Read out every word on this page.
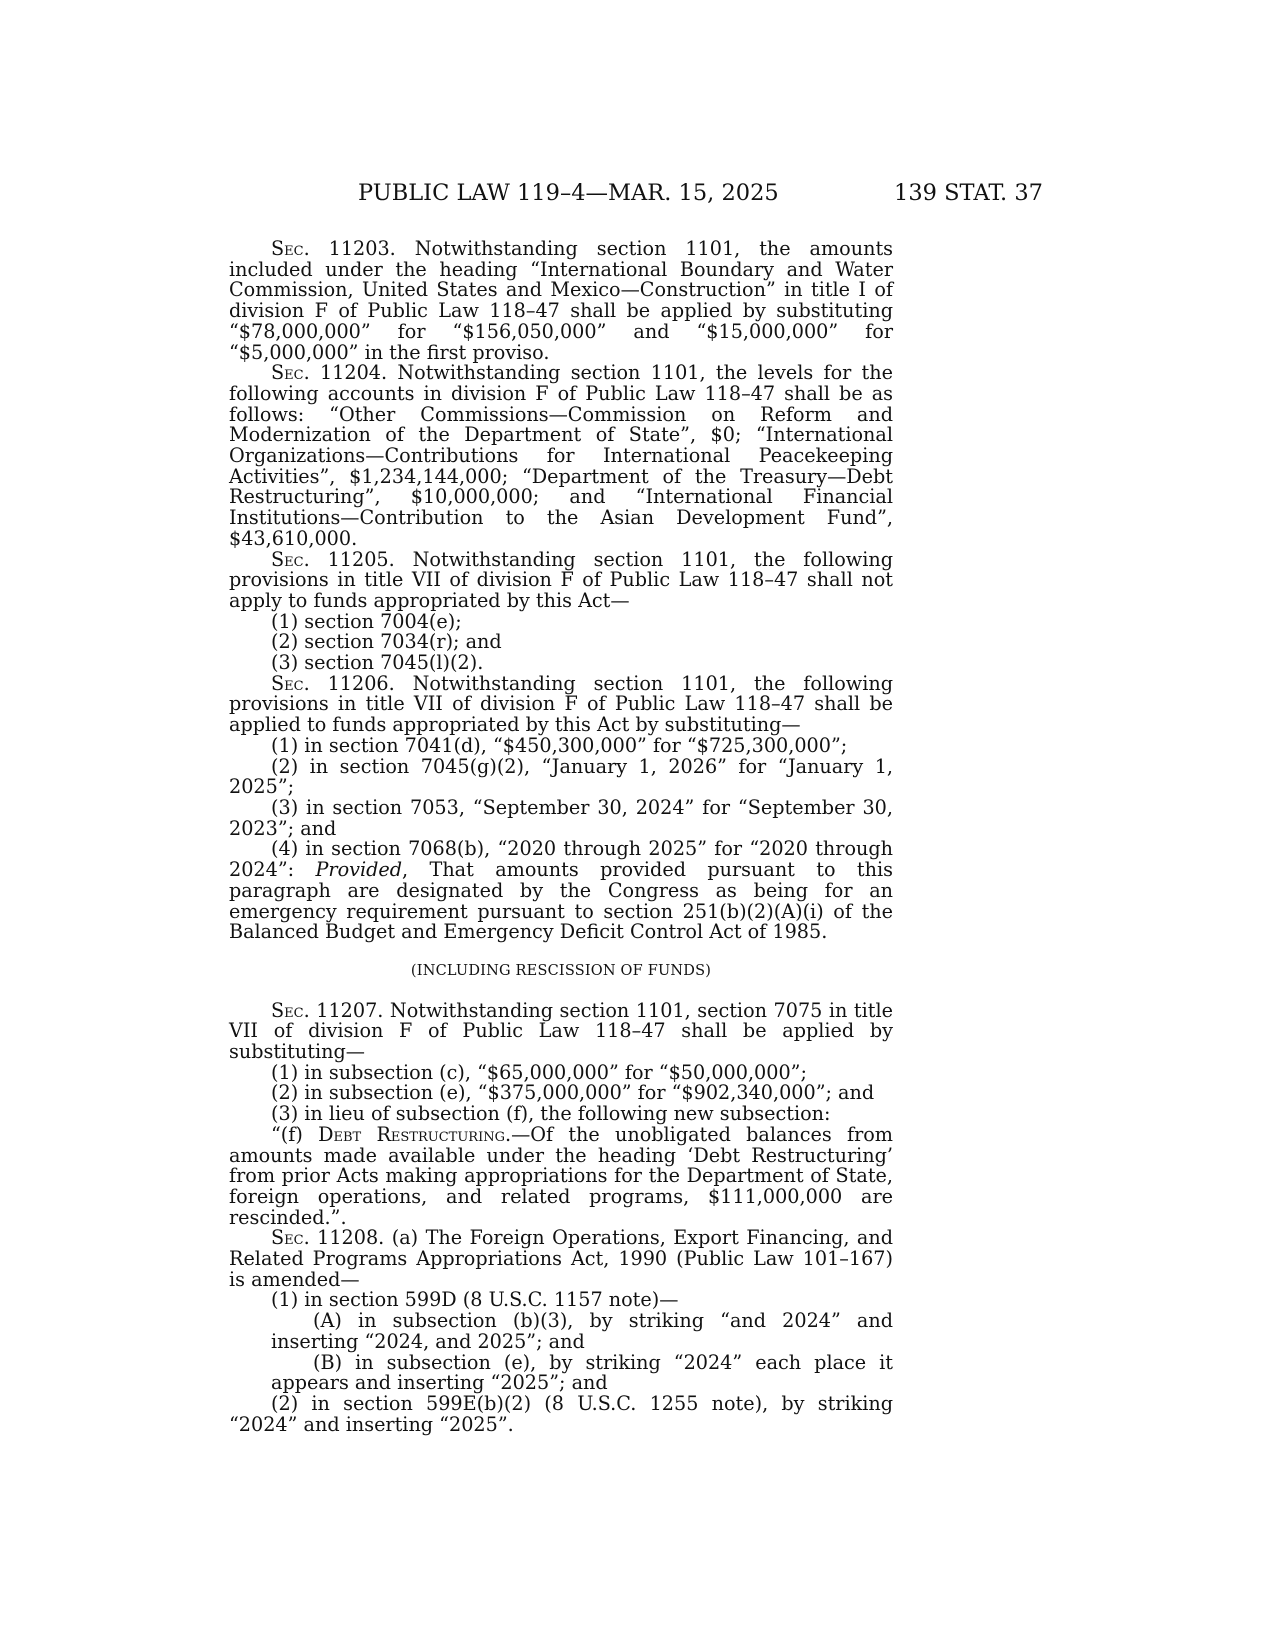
PUBLIC LAW 119–4—MAR. 15, 2025	139 STAT. 37

Sec. 11203. Notwithstanding section 1101, the amounts included under the heading “International Boundary and Water Commission, United States and Mexico—Construction” in title I of division F of Public Law 118–47 shall be applied by substituting “$78,000,000” for “$156,050,000” and “$15,000,000” for “$5,000,000” in the first proviso.

Sec. 11204. Notwithstanding section 1101, the levels for the following accounts in division F of Public Law 118–47 shall be as follows: “Other Commissions—Commission on Reform and Modernization of the Department of State”, $0; “International Organizations—Contributions for International Peacekeeping Activities”, $1,234,144,000; “Department of the Treasury—Debt Restructuring”, $10,000,000; and “International Financial Institutions—Contribution to the Asian Development Fund”, $43,610,000.

Sec. 11205. Notwithstanding section 1101, the following provisions in title VII of division F of Public Law 118–47 shall not apply to funds appropriated by this Act—

(1) section 7004(e);

(2) section 7034(r); and

(3) section 7045(l)(2).

Sec. 11206. Notwithstanding section 1101, the following provisions in title VII of division F of Public Law 118–47 shall be applied to funds appropriated by this Act by substituting—

(1) in section 7041(d), “$450,300,000” for “$725,300,000”;

(2) in section 7045(g)(2), “January 1, 2026” for “January 1, 2025”;

(3) in section 7053, “September 30, 2024” for “September 30, 2023”; and

(4) in section 7068(b), “2020 through 2025” for “2020 through 2024”: Provided, That amounts provided pursuant to this paragraph are designated by the Congress as being for an emergency requirement pursuant to section 251(b)(2)(A)(i) of the Balanced Budget and Emergency Deficit Control Act of 1985.

(INCLUDING RESCISSION OF FUNDS)

Sec. 11207. Notwithstanding section 1101, section 7075 in title VII of division F of Public Law 118–47 shall be applied by substituting—

(1) in subsection (c), “$65,000,000” for “$50,000,000”;

(2) in subsection (e), “$375,000,000” for “$902,340,000”; and

(3) in lieu of subsection (f), the following new subsection:

“(f) Debt Restructuring.—Of the unobligated balances from amounts made available under the heading ‘Debt Restructuring’ from prior Acts making appropriations for the Department of State, foreign operations, and related programs, $111,000,000 are rescinded.”.

Sec. 11208. (a) The Foreign Operations, Export Financing, and Related Programs Appropriations Act, 1990 (Public Law 101–167) is amended—

(1) in section 599D (8 U.S.C. 1157 note)—

(A) in subsection (b)(3), by striking “and 2024” and inserting “2024, and 2025”; and

(B) in subsection (e), by striking “2024” each place it appears and inserting “2025”; and

(2) in section 599E(b)(2) (8 U.S.C. 1255 note), by striking “2024” and inserting “2025”.
